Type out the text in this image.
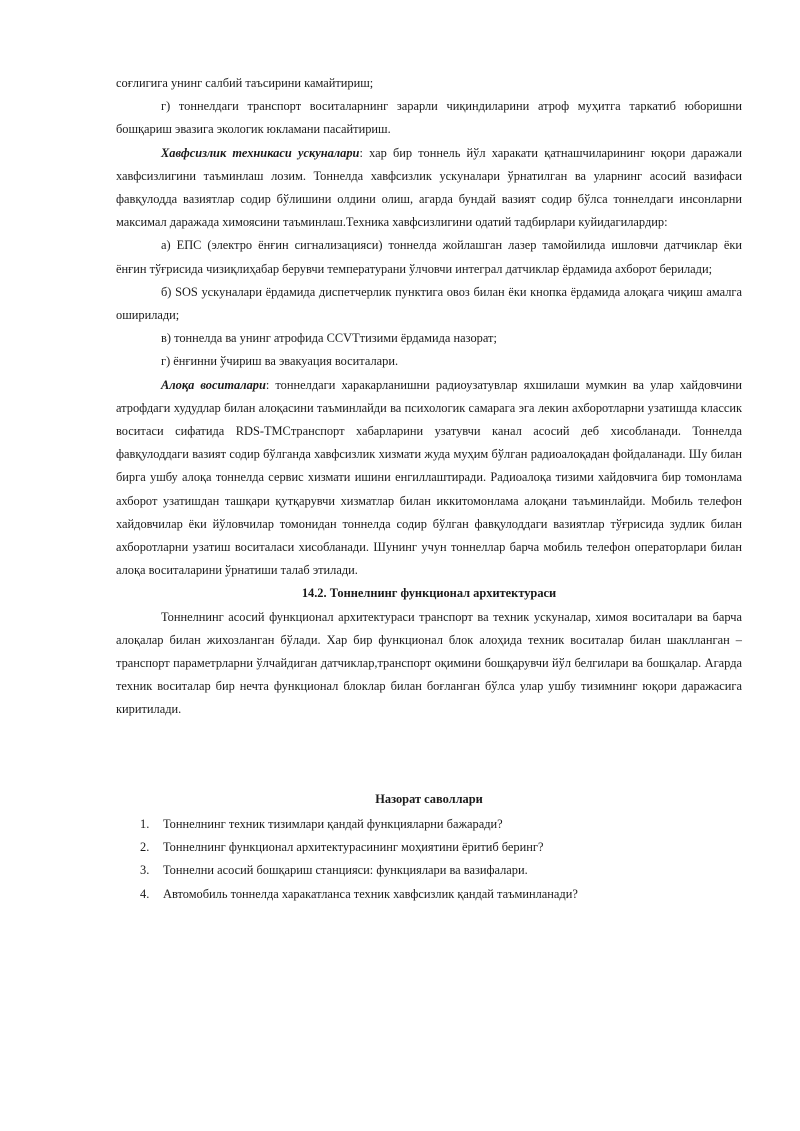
соғлигига унинг салбий таъсирини камайтириш;

г) тоннелдаги транспорт воситаларнинг зарарли чиқиндиларини атроф муҳитга таркатиб юборишни бошқариш эвазига экологик юкламани пасайтириш.

Хавфсизлик техникаси ускуналари: хар бир тоннель йўл харакати қатнашчиларининг юқори даражали хавфсизлигини таъминлаш лозим. Тоннелда хавфсизлик ускуналари ўрнатилган ва уларнинг асосий вазифаси фавқулодда вазиятлар содир бўлишини олдини олиш, агарда бундай вазият содир бўлса тоннелдаги инсонларни максимал даражада химоясини таъминлаш.Техника хавфсизлигини одатий тадбирлари куйидагилардир:

а) ЕПС (электро ёнғин сигнализацияси) тоннелда жойлашган лазер тамойилида ишловчи датчиклар ёки ёнғин тўғрисида чизиқлиҳабар берувчи температурани ўлчовчи интеграл датчиклар ёрдамида ахборот берилади;

б) SOS ускуналари ёрдамида диспетчерлик пунктига овоз билан ёки кнопка ёрдамида алоқага чиқиш амалга оширилади;

в) тоннелда ва унинг атрофида CCVTтизими ёрдамида назорат;

г) ёнғинни ўчириш ва эвакуация воситалари.

Алоқа воситалари: тоннелдаги харакарланишни радиоузатувлар яхшилаши мумкин ва улар хайдовчини атрофдаги худудлар билан алоқасини таъминлайди ва психологик самарага эга лекин ахборотларни узатишда классик воситаси сифатида RDS-TMCтранспорт хабарларини узатувчи канал асосий деб хисобланади. Тоннелда фавқулоддаги вазият содир бўлганда хавфсизлик хизмати жуда муҳим бўлган радиоалоқадан фойдаланади. Шу билан бирга ушбу алоқа тоннелда сервис хизмати ишини енгиллаштиради. Радиоалоқа тизими хайдовчига бир томонлама ахборот узатишдан ташқари қутқарувчи хизматлар билан иккитомонлама алоқани таъминлайди. Мобиль телефон хайдовчилар ёки йўловчилар томонидан тоннелда содир бўлган фавқулоддаги вазиятлар тўғрисида зудлик билан ахборотларни узатиш воситаласи хисобланади. Шунинг учун тоннеллар барча мобиль телефон операторлари билан алоқа воситаларини ўрнатиши талаб этилади.

14.2. Тоннелнинг функционал архитектураси

Тоннелнинг асосий функционал архитектураси транспорт ва техник ускуналар, химоя воситалари ва барча алоқалар билан жихозланган бўлади. Хар бир функционал блок алоҳида техник воситалар билан шаклланган –транспорт параметрларни ўлчайдиган датчиклар,транспорт оқимини бошқарувчи йўл белгилари ва бошқалар. Агарда техник воситалар бир нечта функционал блоклар билан боғланган бўлса улар ушбу тизимнинг юқори даражасига киритилади.

Назорат саволлари

1. Тоннелнинг техник тизимлари қандай функцияларни бажаради?
2. Тоннелнинг функционал архитектурасининг моҳиятини ёритиб беринг?
3. Тоннелни асосий бошқариш станцияси: функциялари ва вазифалари.
4. Автомобиль тоннелда харакатланса техник хавфсизлик қандай таъминланади?
